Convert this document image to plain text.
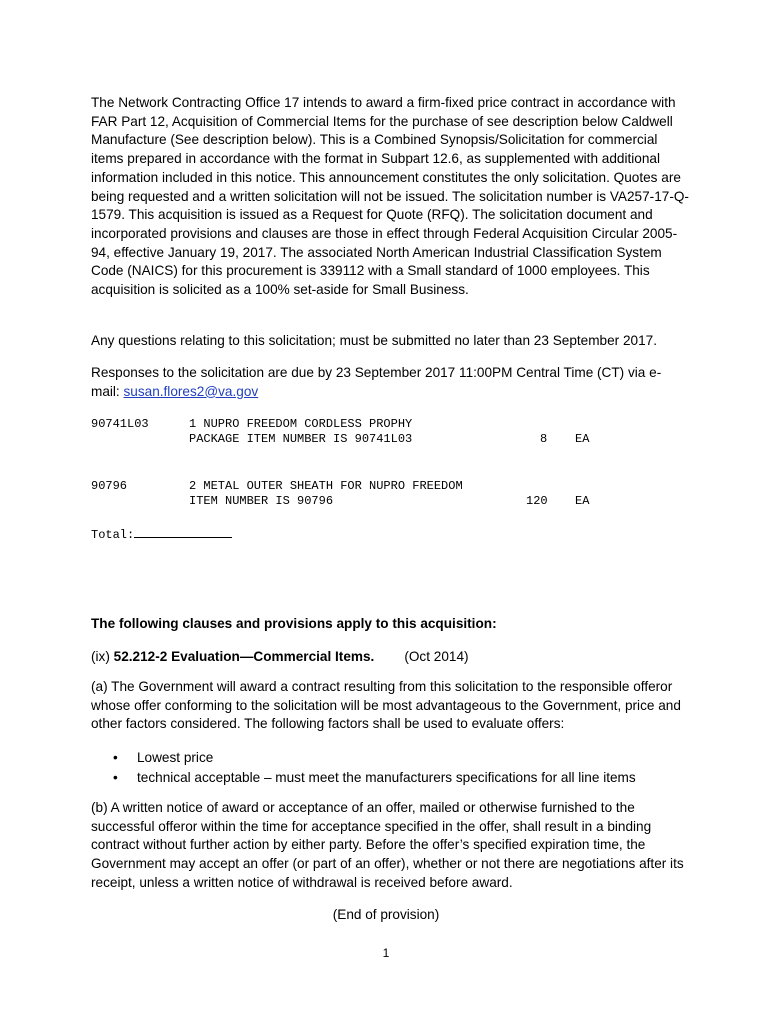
The Network Contracting Office 17 intends to award a firm-fixed price contract in accordance with FAR Part 12, Acquisition of Commercial Items for the purchase of see description below Caldwell Manufacture (See description below). This is a Combined Synopsis/Solicitation for commercial items prepared in accordance with the format in Subpart 12.6, as supplemented with additional information included in this notice. This announcement constitutes the only solicitation. Quotes are being requested and a written solicitation will not be issued. The solicitation number is VA257-17-Q-1579. This acquisition is issued as a Request for Quote (RFQ). The solicitation document and incorporated provisions and clauses are those in effect through Federal Acquisition Circular 2005-94, effective January 19, 2017. The associated North American Industrial Classification System Code (NAICS) for this procurement is 339112 with a Small standard of 1000 employees. This acquisition is solicited as a 100% set-aside for Small Business.

Any questions relating to this solicitation; must be submitted no later than 23 September 2017.

Responses to the solicitation are due by 23 September 2017 11:00PM Central Time (CT) via e-mail: susan.flores2@va.gov

90741L03	1 NUPRO FREEDOM CORDLESS PROPHY
PACKAGE ITEM NUMBER IS 90741L03	8 EA
90796	2 METAL OUTER SHEATH FOR NUPRO FREEDOM
ITEM NUMBER IS 90796	120 EA
Total:

The following clauses and provisions apply to this acquisition:

(ix) 52.212-2 Evaluation—Commercial Items. (Oct 2014)

(a) The Government will award a contract resulting from this solicitation to the responsible offeror whose offer conforming to the solicitation will be most advantageous to the Government, price and other factors considered. The following factors shall be used to evaluate offers:

• Lowest price
• technical acceptable – must meet the manufacturers specifications for all line items

(b) A written notice of award or acceptance of an offer, mailed or otherwise furnished to the successful offeror within the time for acceptance specified in the offer, shall result in a binding contract without further action by either party. Before the offer’s specified expiration time, the Government may accept an offer (or part of an offer), whether or not there are negotiations after its receipt, unless a written notice of withdrawal is received before award.

(End of provision)

1
